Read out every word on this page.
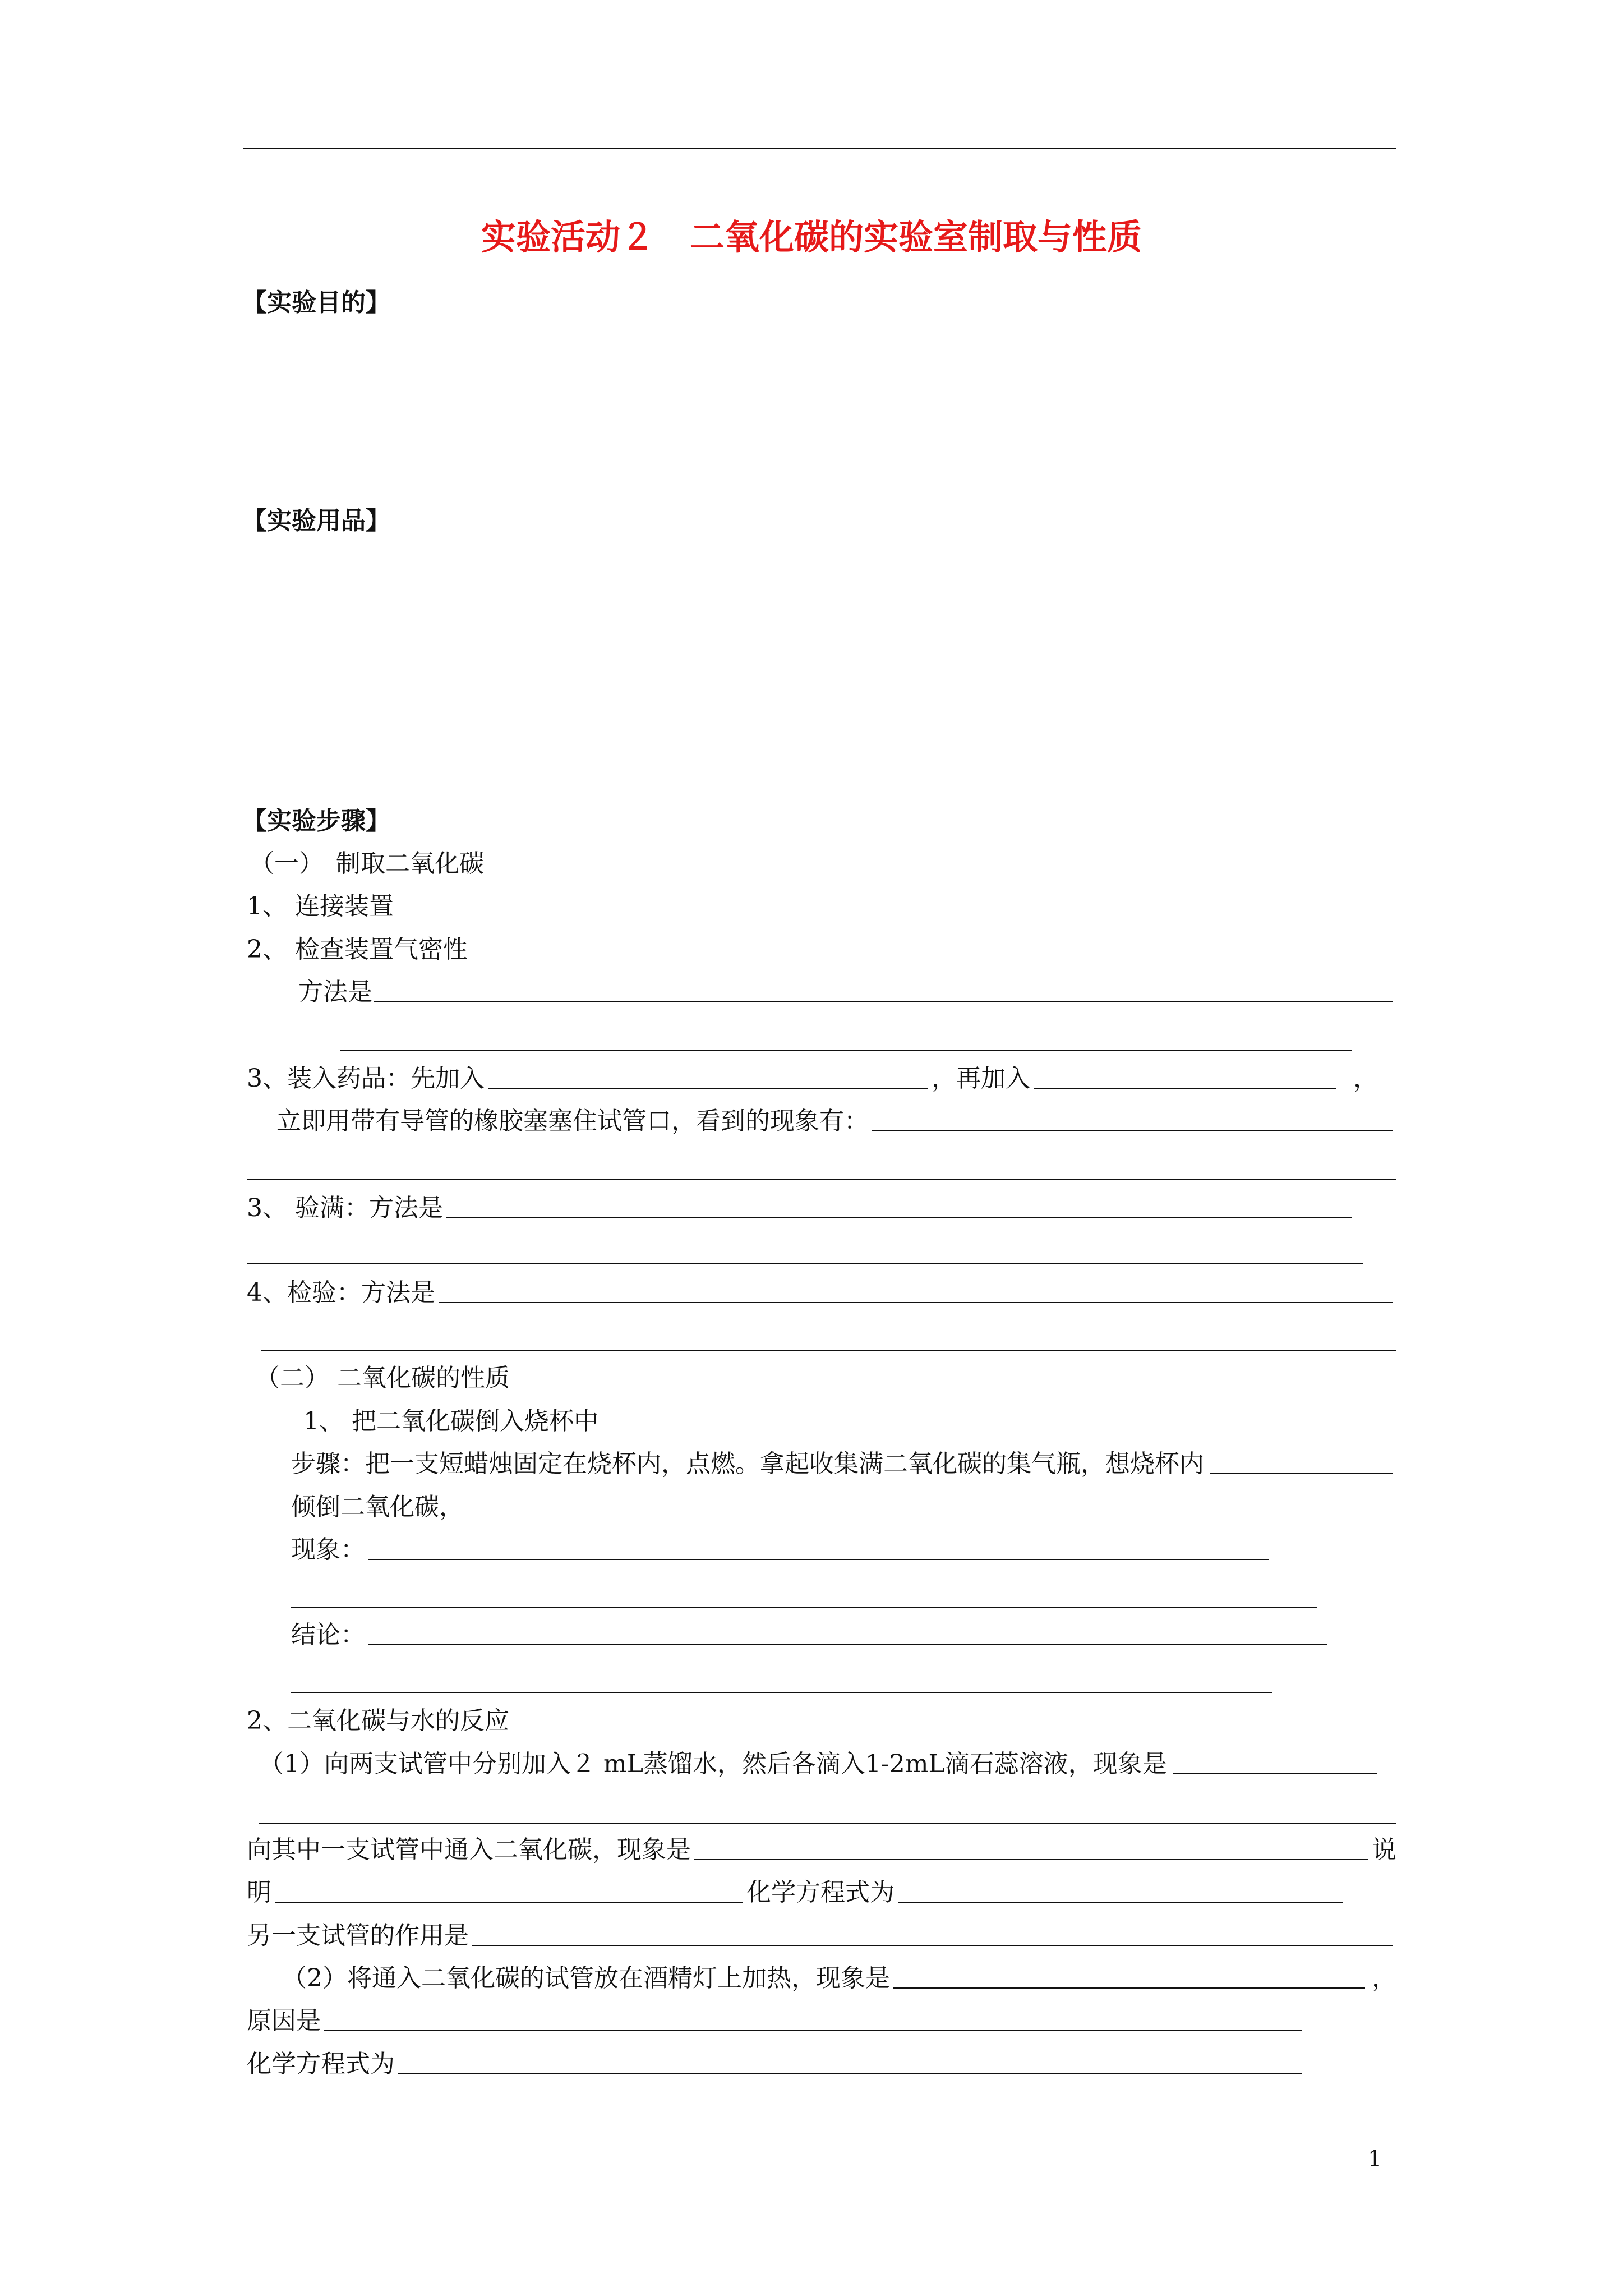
实验活动２　二氧化碳的实验室制取与性质
【实验目的】
【实验用品】
【实验步骤】
（一）　制取二氧化碳
1、 连接装置
2、 检查装置气密性
方法是
3、装入药品：先加入	，再加入	，
立即用带有导管的橡胶塞塞住试管口，看到的现象有：
3、 验满：方法是
4、检验：方法是
（二） 二氧化碳的性质
1、 把二氧化碳倒入烧杯中
步骤：把一支短蜡烛固定在烧杯内，点燃。拿起收集满二氧化碳的集气瓶，想烧杯内
倾倒二氧化碳，
现象：
结论：
2、二氧化碳与水的反应
（1）向两支试管中分别加入２ mL蒸馏水，然后各滴入1-2mL滴石蕊溶液，现象是
向其中一支试管中通入二氧化碳，现象是	说
明	化学方程式为
另一支试管的作用是
（2）将通入二氧化碳的试管放在酒精灯上加热，现象是	，
原因是
化学方程式为
1
